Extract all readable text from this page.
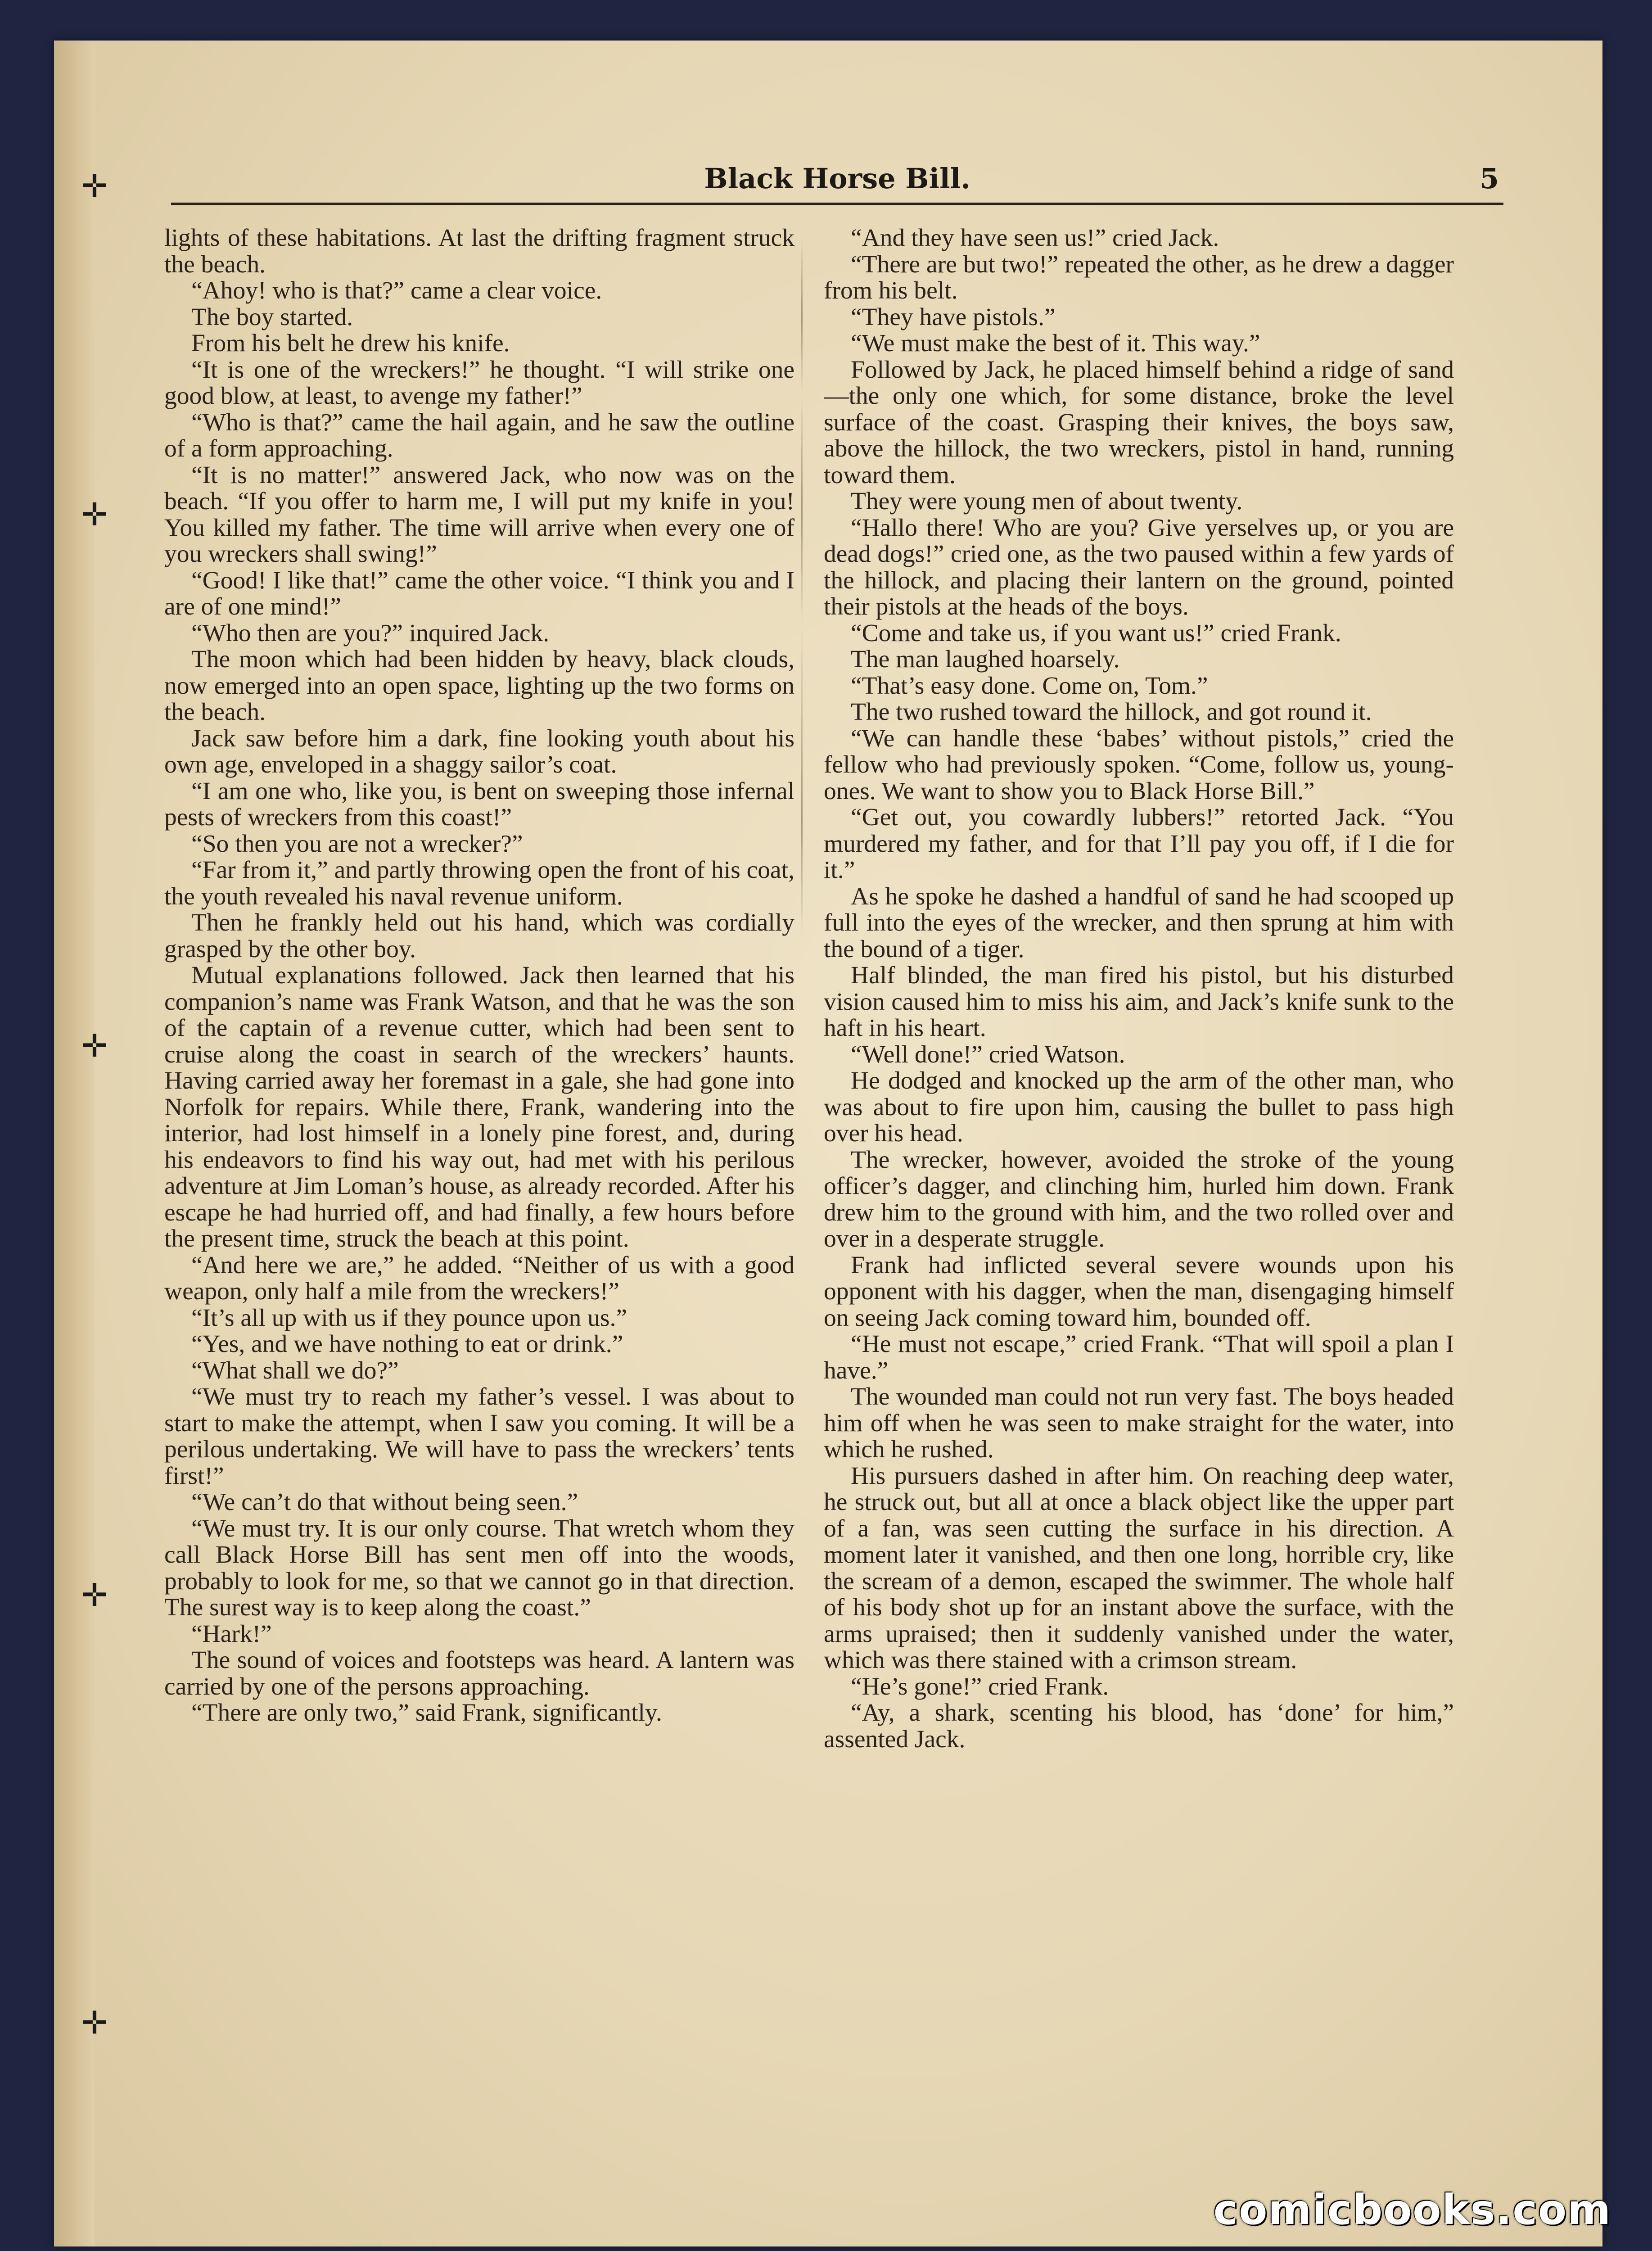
✛
✛
✛
✛
✛
Black Horse Bill.	5

lights of these habitations. At last the drifting fragment struck the beach.

“Ahoy! who is that?” came a clear voice.

The boy started.

From his belt he drew his knife.

“It is one of the wreckers!” he thought. “I will strike one good blow, at least, to avenge my father!”

“Who is that?” came the hail again, and he saw the outline of a form approaching.

“It is no matter!” answered Jack, who now was on the beach. “If you offer to harm me, I will put my knife in you! You killed my father. The time will arrive when every one of you wreckers shall swing!”

“Good! I like that!” came the other voice. “I think you and I are of one mind!”

“Who then are you?” inquired Jack.

The moon which had been hidden by heavy, black clouds, now emerged into an open space, lighting up the two forms on the beach.

Jack saw before him a dark, fine looking youth about his own age, enveloped in a shaggy sailor’s coat.

“I am one who, like you, is bent on sweeping those infernal pests of wreckers from this coast!”

“So then you are not a wrecker?”

“Far from it,” and partly throwing open the front of his coat, the youth revealed his naval revenue uniform.

Then he frankly held out his hand, which was cordially grasped by the other boy.

Mutual explanations followed. Jack then learned that his companion’s name was Frank Watson, and that he was the son of the captain of a revenue cutter, which had been sent to cruise along the coast in search of the wreckers’ haunts. Having carried away her foremast in a gale, she had gone into Norfolk for repairs. While there, Frank, wandering into the interior, had lost himself in a lonely pine forest, and, during his endeavors to find his way out, had met with his perilous adventure at Jim Loman’s house, as already recorded. After his escape he had hurried off, and had finally, a few hours before the present time, struck the beach at this point.

“And here we are,” he added. “Neither of us with a good weapon, only half a mile from the wreckers!”

“It’s all up with us if they pounce upon us.”

“Yes, and we have nothing to eat or drink.”

“What shall we do?”

“We must try to reach my father’s vessel. I was about to start to make the attempt, when I saw you coming. It will be a perilous undertaking. We will have to pass the wreckers’ tents first!”

“We can’t do that without being seen.”

“We must try. It is our only course. That wretch whom they call Black Horse Bill has sent men off into the woods, probably to look for me, so that we cannot go in that direction. The surest way is to keep along the coast.”

“Hark!”

The sound of voices and footsteps was heard. A lantern was carried by one of the persons approaching.

“There are only two,” said Frank, significantly.

“And they have seen us!” cried Jack.

“There are but two!” repeated the other, as he drew a dagger from his belt.

“They have pistols.”

“We must make the best of it. This way.”

Followed by Jack, he placed himself behind a ridge of sand—the only one which, for some distance, broke the level surface of the coast. Grasping their knives, the boys saw, above the hillock, the two wreckers, pistol in hand, running toward them.

They were young men of about twenty.

“Hallo there! Who are you? Give yerselves up, or you are dead dogs!” cried one, as the two paused within a few yards of the hillock, and placing their lantern on the ground, pointed their pistols at the heads of the boys.

“Come and take us, if you want us!” cried Frank.

The man laughed hoarsely.

“That’s easy done. Come on, Tom.”

The two rushed toward the hillock, and got round it.

“We can handle these ‘babes’ without pistols,” cried the fellow who had previously spoken. “Come, follow us, young-ones. We want to show you to Black Horse Bill.”

“Get out, you cowardly lubbers!” retorted Jack. “You murdered my father, and for that I’ll pay you off, if I die for it.”

As he spoke he dashed a handful of sand he had scooped up full into the eyes of the wrecker, and then sprung at him with the bound of a tiger.

Half blinded, the man fired his pistol, but his disturbed vision caused him to miss his aim, and Jack’s knife sunk to the haft in his heart.

“Well done!” cried Watson.

He dodged and knocked up the arm of the other man, who was about to fire upon him, causing the bullet to pass high over his head.

The wrecker, however, avoided the stroke of the young officer’s dagger, and clinching him, hurled him down. Frank drew him to the ground with him, and the two rolled over and over in a desperate struggle.

Frank had inflicted several severe wounds upon his opponent with his dagger, when the man, disengaging himself on seeing Jack coming toward him, bounded off.

“He must not escape,” cried Frank. “That will spoil a plan I have.”

The wounded man could not run very fast. The boys headed him off when he was seen to make straight for the water, into which he rushed.

His pursuers dashed in after him. On reaching deep water, he struck out, but all at once a black object like the upper part of a fan, was seen cutting the surface in his direction. A moment later it vanished, and then one long, horrible cry, like the scream of a demon, escaped the swimmer. The whole half of his body shot up for an instant above the surface, with the arms upraised; then it suddenly vanished under the water, which was there stained with a crimson stream.

“He’s gone!” cried Frank.

“Ay, a shark, scenting his blood, has ‘done’ for him,” assented Jack.

comicbooks.com
